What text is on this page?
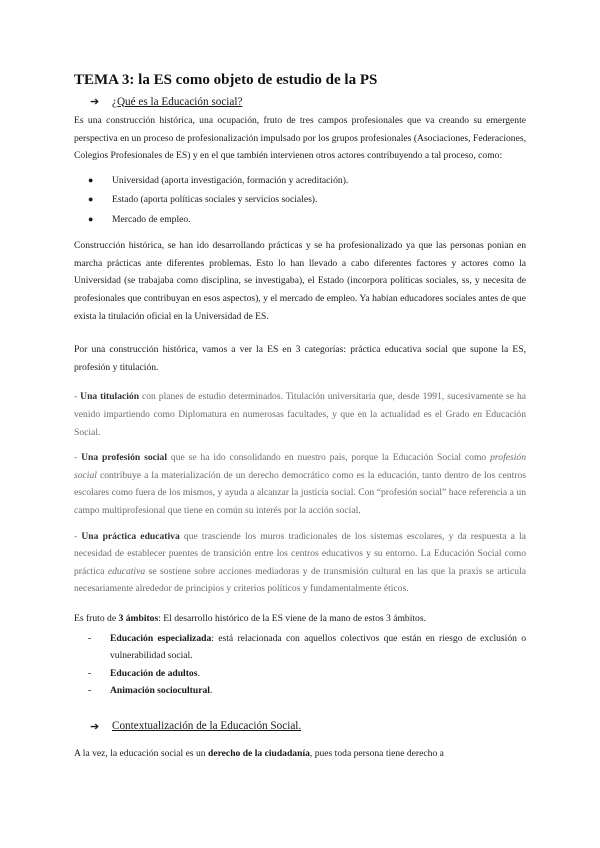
TEMA 3: la ES como objeto de estudio de la PS
➔	¿Qué es la Educación social?

Es una construcción histórica, una ocupación, fruto de tres campos profesionales que va creando su emergente perspectiva en un proceso de profesionalización impulsado por los grupos profesionales (Asociaciones, Federaciones, Colegios Profesionales de ES) y en el que también intervienen otros actores contribuyendo a tal proceso, como:

●	Universidad (aporta investigación, formación y acreditación).
●	Estado (aporta políticas sociales y servicios sociales).
●	Mercado de empleo.

Construcción histórica, se han ido desarrollando prácticas y se ha profesionalizado ya que las personas ponian en marcha prácticas ante diferentes problemas. Esto lo han llevado a cabo diferentes factores y actores como la Universidad (se trabajaba como disciplina, se investigaba), el Estado (incorpora políticas sociales, ss, y necesita de profesionales que contribuyan en esos aspectos), y el mercado de empleo. Ya habían educadores sociales antes de que exista la titulación oficial en la Universidad de ES.

Por una construcción histórica, vamos a ver la ES en 3 categorías: práctica educativa social que supone la ES, profesión y titulación.

- Una titulación con planes de estudio determinados. Titulación universitaria que, desde 1991, sucesivamente se ha venido impartiendo como Diplomatura en numerosas facultades, y que en la actualidad es el Grado en Educación Social.

- Una profesión social que se ha ido consolidando en nuestro país, porque la Educación Social como profesión social contribuye a la materialización de un derecho democrático como es la educación, tanto dentro de los centros escolares como fuera de los mismos, y ayuda a alcanzar la justicia social. Con “profesión social” hace referencia a un campo multiprofesional que tiene en común su interés por la acción social.

- Una práctica educativa que trasciende los muros tradicionales de los sistemas escolares, y da respuesta a la necesidad de establecer puentes de transición entre los centros educativos y su entorno. La Educación Social como práctica educativa se sostiene sobre acciones mediadoras y de transmisión cultural en las que la praxis se articula necesariamente alrededor de principios y criterios políticos y fundamentalmente éticos.

Es fruto de 3 ámbitos: El desarrollo histórico de la ES viene de la mano de estos 3 ámbitos.

-	Educación especializada: está relacionada con aquellos colectivos que están en riesgo de exclusión o vulnerabilidad social.
-	Educación de adultos.
-	Animación sociocultural.
➔	Contextualización de la Educación Social.

A la vez, la educación social es un derecho de la ciudadanía, pues toda persona tiene derecho a
